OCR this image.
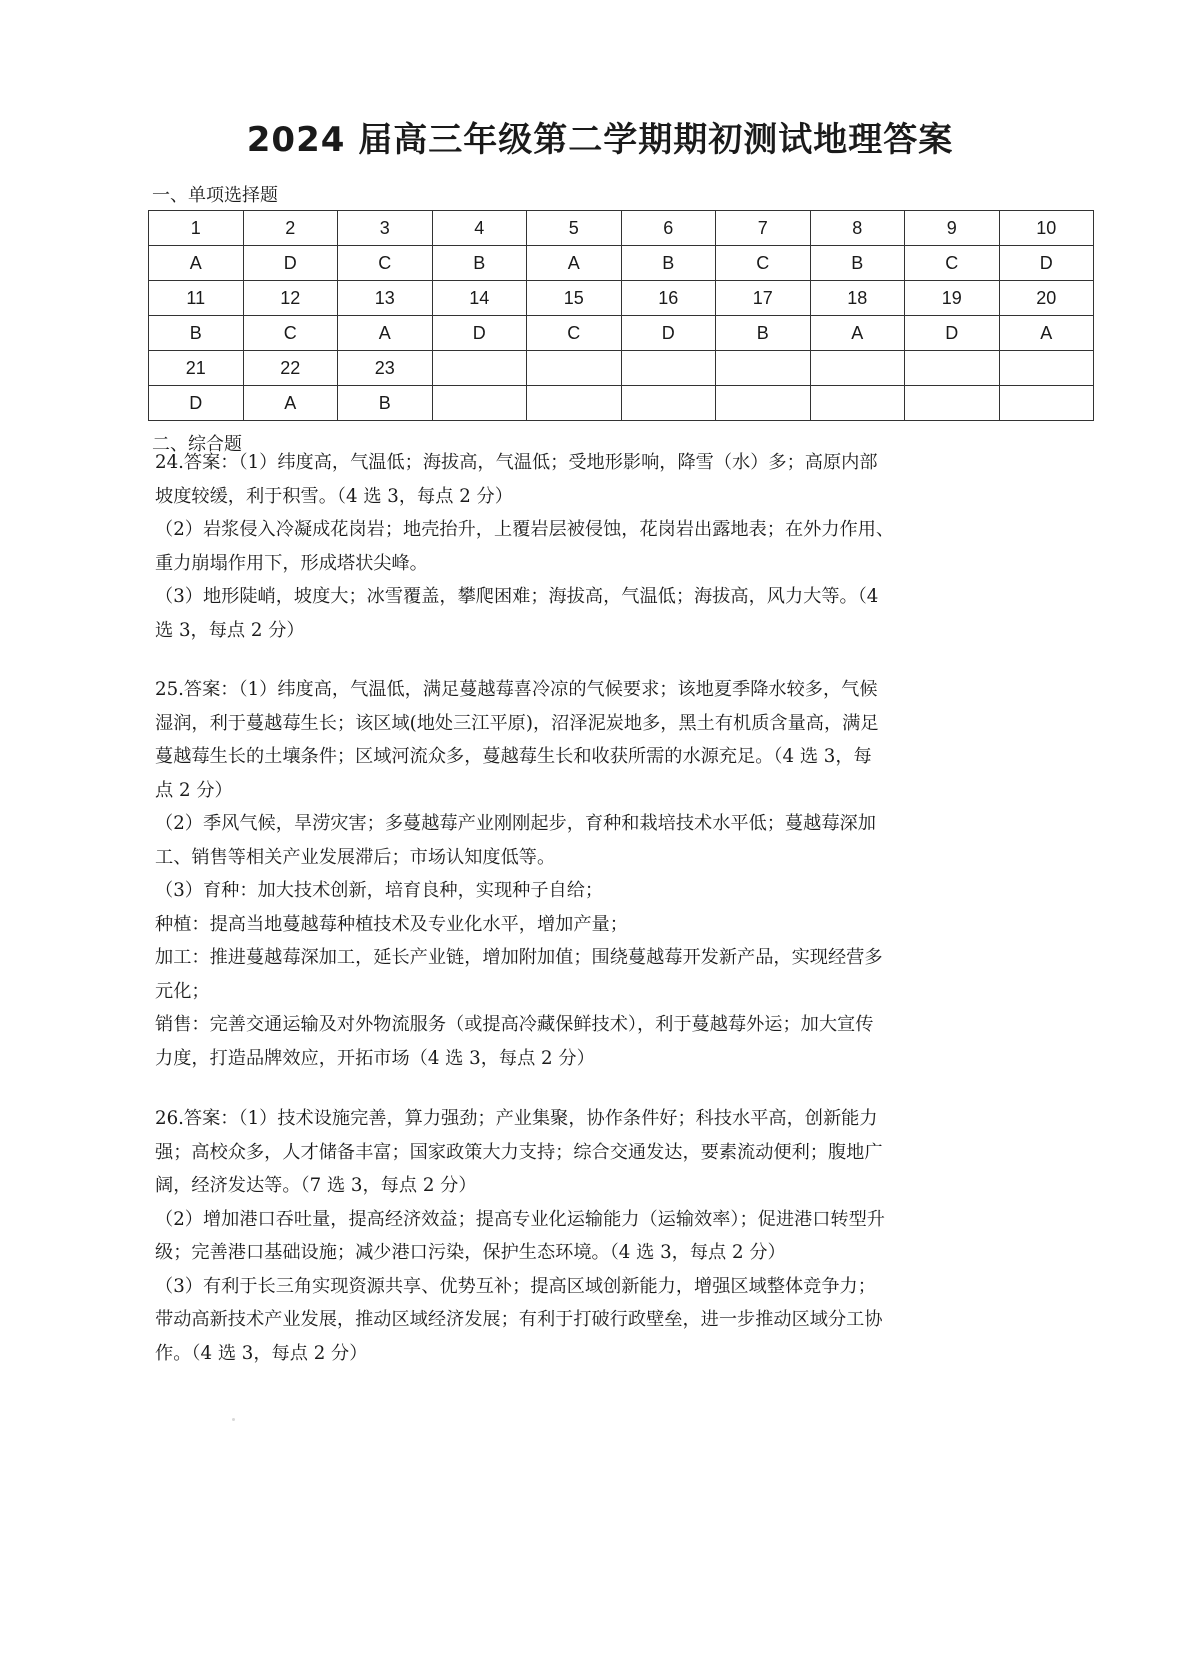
2024 届高三年级第二学期期初测试地理答案
一、单项选择题
1	2	3	4	5	6	7	8	9	10
A	D	C	B	A	B	C	B	C	D
11	12	13	14	15	16	17	18	19	20
B	C	A	D	C	D	B	A	D	A
21	22	23							
D	A	B							
二、综合题

24.答案：（1）纬度高，气温低；海拔高，气温低；受地形影响，降雪（水）多；高原内部

坡度较缓，利于积雪。（4 选 3，每点 2 分）

（2）岩浆侵入冷凝成花岗岩；地壳抬升，上覆岩层被侵蚀，花岗岩出露地表；在外力作用、

重力崩塌作用下，形成塔状尖峰。

（3）地形陡峭，坡度大；冰雪覆盖，攀爬困难；海拔高，气温低；海拔高，风力大等。（4

选 3，每点 2 分）

25.答案：（1）纬度高，气温低，满足蔓越莓喜冷凉的气候要求；该地夏季降水较多，气候

湿润，利于蔓越莓生长；该区域(地处三江平原)，沼泽泥炭地多，黑土有机质含量高，满足

蔓越莓生长的土壤条件；区域河流众多，蔓越莓生长和收获所需的水源充足。（4 选 3，每

点 2 分）

（2）季风气候，旱涝灾害；多蔓越莓产业刚刚起步，育种和栽培技术水平低；蔓越莓深加

工、销售等相关产业发展滞后；市场认知度低等。

（3）育种：加大技术创新，培育良种，实现种子自给；

种植：提高当地蔓越莓种植技术及专业化水平，增加产量；

加工：推进蔓越莓深加工，延长产业链，增加附加值；围绕蔓越莓开发新产品，实现经营多

元化；

销售：完善交通运输及对外物流服务（或提高冷藏保鲜技术），利于蔓越莓外运；加大宣传

力度，打造品牌效应，开拓市场（4 选 3，每点 2 分）

26.答案：（1）技术设施完善，算力强劲；产业集聚，协作条件好；科技水平高，创新能力

强；高校众多，人才储备丰富；国家政策大力支持；综合交通发达，要素流动便利；腹地广

阔，经济发达等。（7 选 3，每点 2 分）

（2）增加港口吞吐量，提高经济效益；提高专业化运输能力（运输效率）；促进港口转型升

级；完善港口基础设施；减少港口污染，保护生态环境。（4 选 3，每点 2 分）

（3）有利于长三角实现资源共享、优势互补；提高区域创新能力，增强区域整体竞争力；

带动高新技术产业发展，推动区域经济发展；有利于打破行政壁垒，进一步推动区域分工协

作。（4 选 3，每点 2 分）
